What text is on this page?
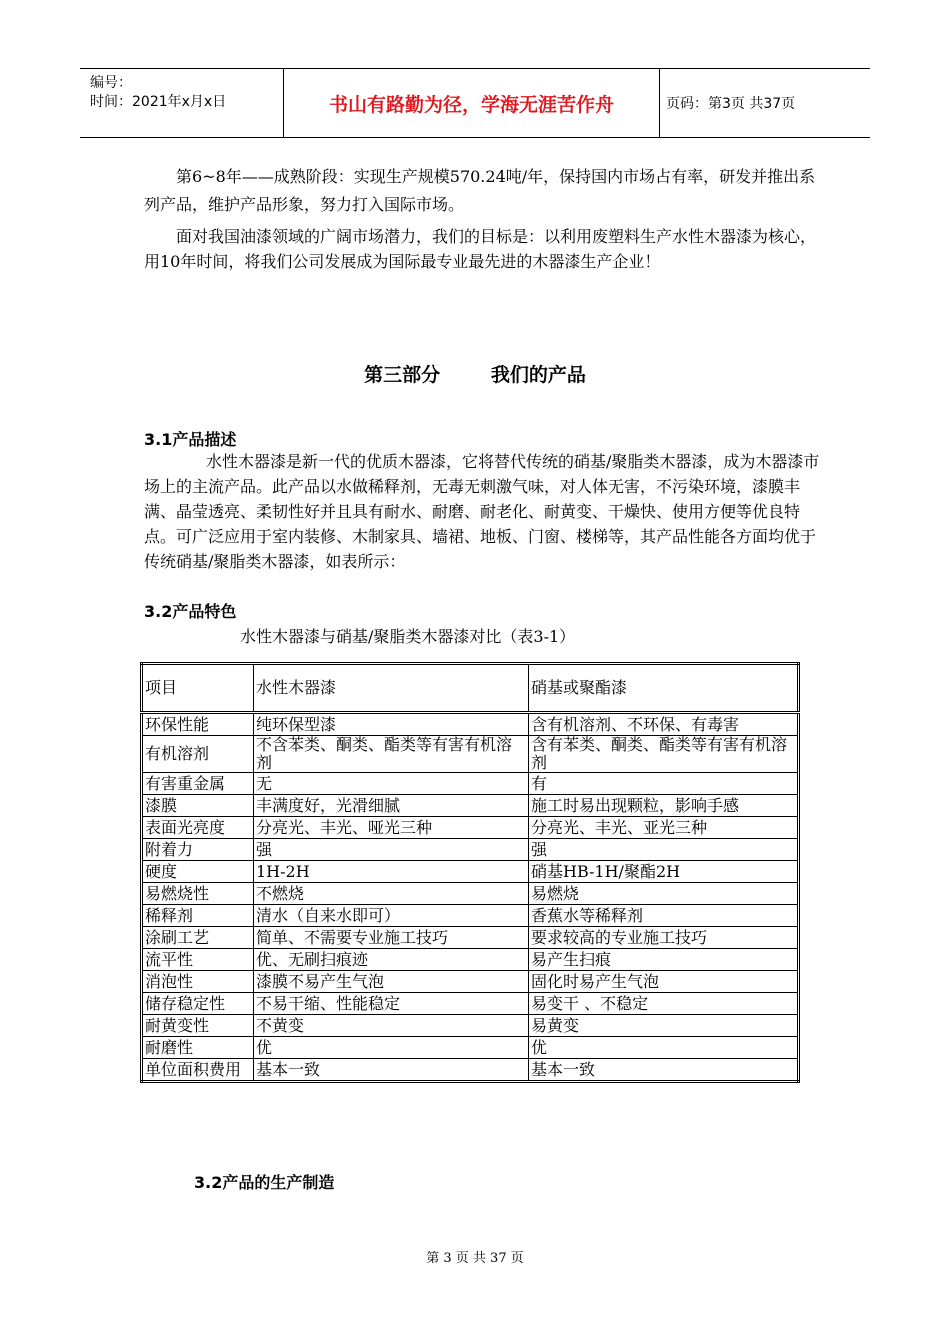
编号：
时间：2021年x月x日	书山有路勤为径，学海无涯苦作舟	页码：第3页 共37页

第6~8年——成熟阶段：实现生产规模570.24吨/年，保持国内市场占有率，研发并推出系列产品，维护产品形象，努力打入国际市场。

面对我国油漆领域的广阔市场潜力，我们的目标是：以利用废塑料生产水性木器漆为核心，用10年时间，将我们公司发展成为国际最专业最先进的木器漆生产企业！

第三部分	我们的产品
3.1产品描述

水性木器漆是新一代的优质木器漆，它将替代传统的硝基/聚脂类木器漆，成为木器漆市场上的主流产品。此产品以水做稀释剂，无毒无刺激气味，对人体无害，不污染环境，漆膜丰满、晶莹透亮、柔韧性好并且具有耐水、耐磨、耐老化、耐黄变、干燥快、使用方便等优良特点。可广泛应用于室内装修、木制家具、墙裙、地板、门窗、楼梯等，其产品性能各方面均优于传统硝基/聚脂类木器漆，如表所示：

3.2产品特色
水性木器漆与硝基/聚脂类木器漆对比（表3-1）
项目	水性木器漆	硝基或聚酯漆
环保性能	纯环保型漆	含有机溶剂、不环保、有毒害
有机溶剂	不含苯类、酮类、酯类等有害有机溶剂	含有苯类、酮类、酯类等有害有机溶剂
有害重金属	无	有
漆膜	丰满度好，光滑细腻	施工时易出现颗粒，影响手感
表面光亮度	分亮光、丰光、哑光三种	分亮光、丰光、亚光三种
附着力	强	强
硬度	1H-2H	硝基HB-1H/聚酯2H
易燃烧性	不燃烧	易燃烧
稀释剂	清水（自来水即可）	香蕉水等稀释剂
涂刷工艺	简单、不需要专业施工技巧	要求较高的专业施工技巧
流平性	优、无刷扫痕迹	易产生扫痕
消泡性	漆膜不易产生气泡	固化时易产生气泡
储存稳定性	不易干缩、性能稳定	易变干 、不稳定
耐黄变性	不黄变	易黄变
耐磨性	优	优
单位面积费用	基本一致	基本一致
3.2产品的生产制造
第 3 页 共 37 页
